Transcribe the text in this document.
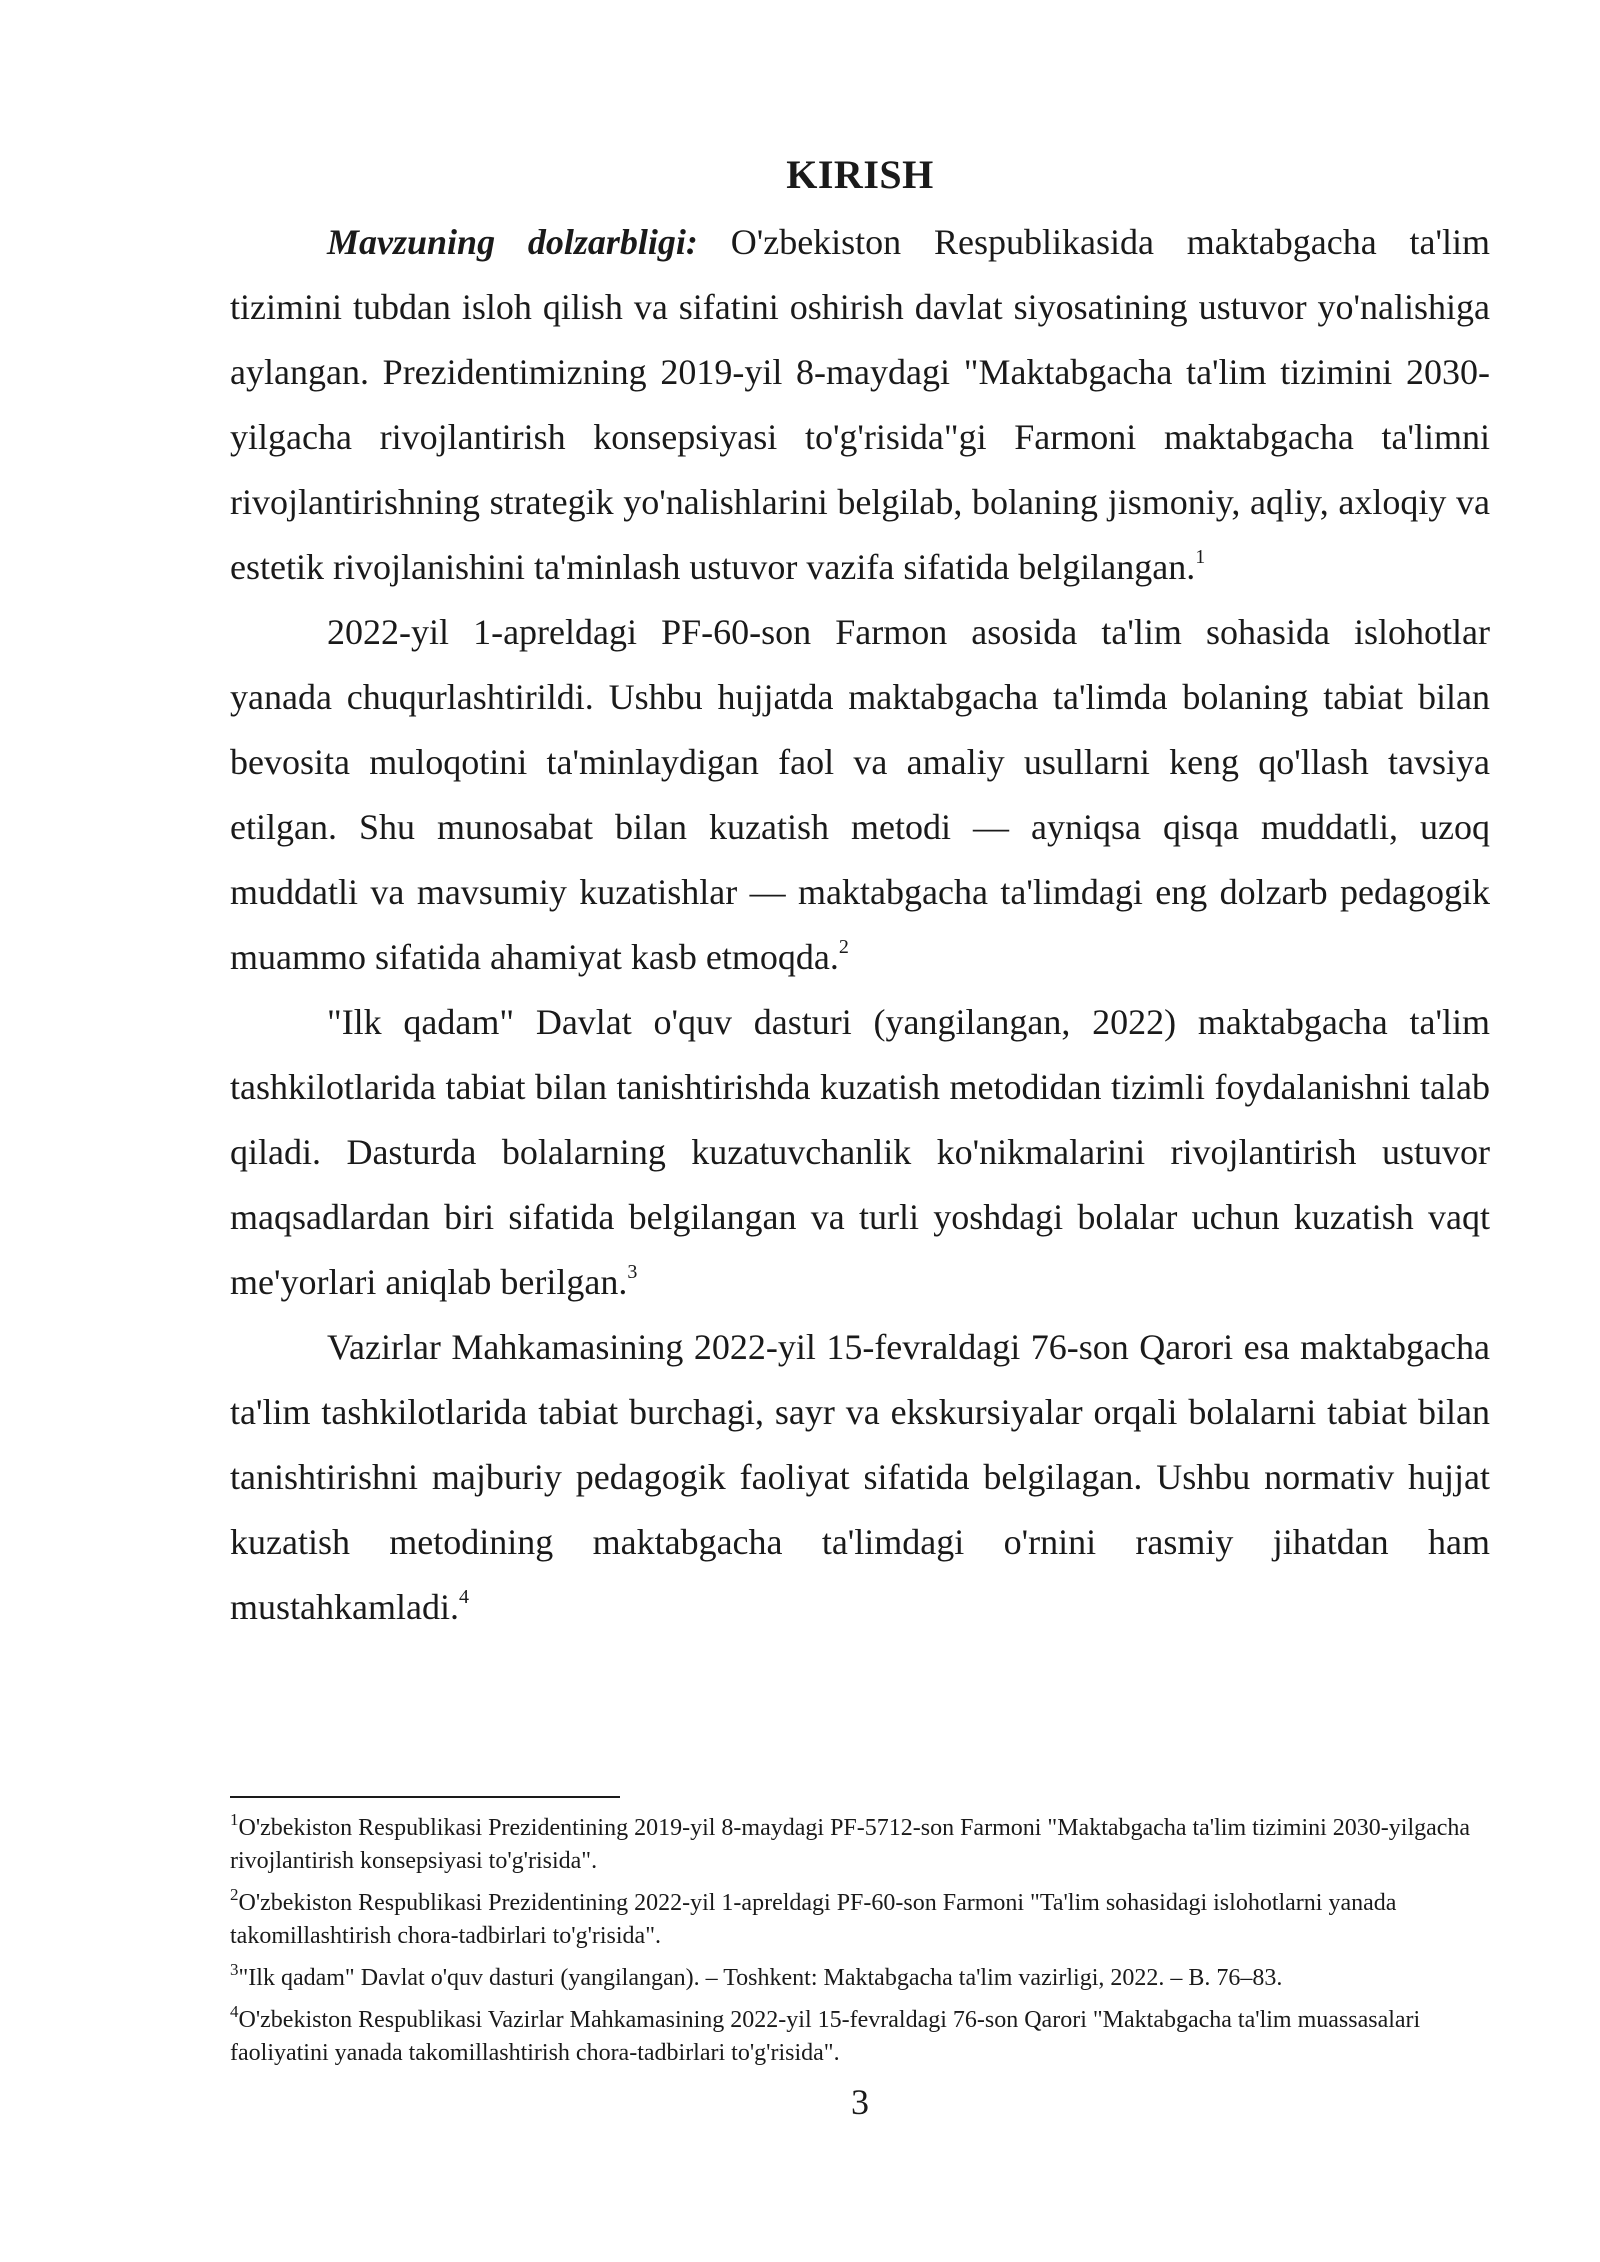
KIRISH

Mavzuning dolzarbligi: O'zbekiston Respublikasida maktabgacha ta'lim tizimini tubdan isloh qilish va sifatini oshirish davlat siyosatining ustuvor yo'nalishiga aylangan. Prezidentimizning 2019-yil 8-maydagi "Maktabgacha ta'lim tizimini 2030-yilgacha rivojlantirish konsepsiyasi to'g'risida"gi Farmoni maktabgacha ta'limni rivojlantirishning strategik yo'nalishlarini belgilab, bolaning jismoniy, aqliy, axloqiy va estetik rivojlanishini ta'minlash ustuvor vazifa sifatida belgilangan.$^1$

2022-yil 1-apreldagi PF-60-son Farmon asosida ta'lim sohasida islohotlar yanada chuqurlashtirildi. Ushbu hujjatda maktabgacha ta'limda bolaning tabiat bilan bevosita muloqotini ta'minlaydigan faol va amaliy usullarni keng qo'llash tavsiya etilgan. Shu munosabat bilan kuzatish metodi — ayniqsa qisqa muddatli, uzoq muddatli va mavsumiy kuzatishlar — maktabgacha ta'limdagi eng dolzarb pedagogik muammo sifatida ahamiyat kasb etmoqda.$^2$

"Ilk qadam" Davlat o'quv dasturi (yangilangan, 2022) maktabgacha ta'lim tashkilotlarida tabiat bilan tanishtirishda kuzatish metodidan tizimli foydalanishni talab qiladi. Dasturda bolalarning kuzatuvchanlik ko'nikmalarini rivojlantirish ustuvor maqsadlardan biri sifatida belgilangan va turli yoshdagi bolalar uchun kuzatish vaqt me'yorlari aniqlab berilgan.$^3$

Vazirlar Mahkamasining 2022-yil 15-fevraldagi 76-son Qarori esa maktabgacha ta'lim tashkilotlarida tabiat burchagi, sayr va ekskursiyalar orqali bolalarni tabiat bilan tanishtirishni majburiy pedagogik faoliyat sifatida belgilagan. Ushbu normativ hujjat kuzatish metodining maktabgacha ta'limdagi o'rnini rasmiy jihatdan ham mustahkamladi.$^4$

$^1$O'zbekiston Respublikasi Prezidentining 2019-yil 8-maydagi PF-5712-son Farmoni "Maktabgacha ta'lim tizimini 2030-yilgacha rivojlantirish konsepsiyasi to'g'risida".

$^2$O'zbekiston Respublikasi Prezidentining 2022-yil 1-apreldagi PF-60-son Farmoni "Ta'lim sohasidagi islohotlarni yanada takomillashtirish chora-tadbirlari to'g'risida".

$^3$"Ilk qadam" Davlat o'quv dasturi (yangilangan). – Toshkent: Maktabgacha ta'lim vazirligi, 2022. – B. 76–83.

$^4$O'zbekiston Respublikasi Vazirlar Mahkamasining 2022-yil 15-fevraldagi 76-son Qarori "Maktabgacha ta'lim muassasalari faoliyatini yanada takomillashtirish chora-tadbirlari to'g'risida".

3
